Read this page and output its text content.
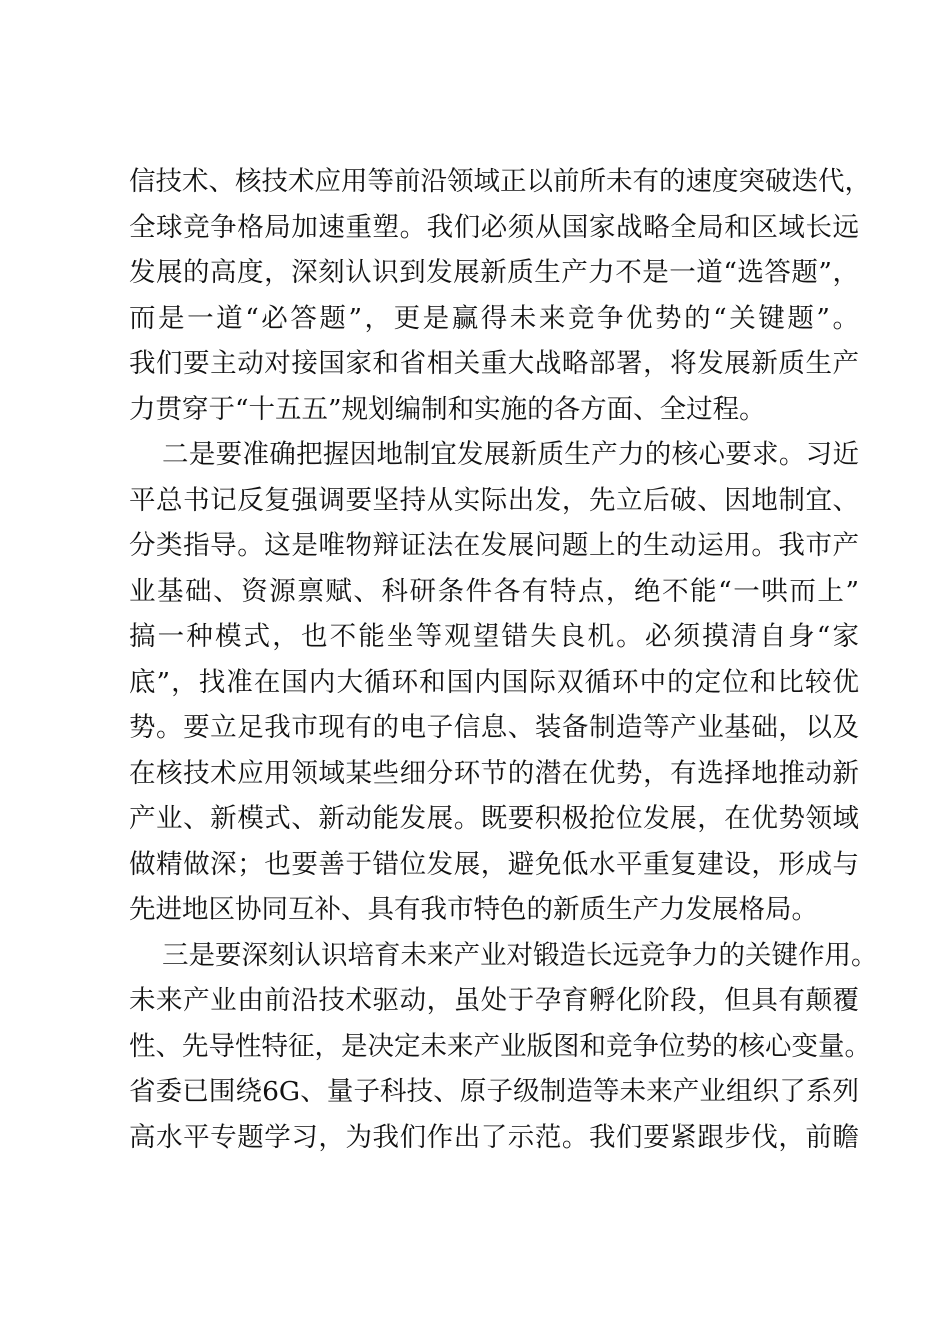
信技术、核技术应用等前沿领域正以前所未有的速度突破迭代，
全球竞争格局加速重塑。我们必须从国家战略全局和区域长远
发展的高度，深刻认识到发展新质生产力不是一道“选答题”，
而是一道“必答题”，更是赢得未来竞争优势的“关键题”。
我们要主动对接国家和省相关重大战略部署，将发展新质生产
力贯穿于“十五五”规划编制和实施的各方面、全过程。
二是要准确把握因地制宜发展新质生产力的核心要求。习近
平总书记反复强调要坚持从实际出发，先立后破、因地制宜、
分类指导。这是唯物辩证法在发展问题上的生动运用。我市产
业基础、资源禀赋、科研条件各有特点，绝不能“一哄而上”
搞一种模式，也不能坐等观望错失良机。必须摸清自身“家
底”，找准在国内大循环和国内国际双循环中的定位和比较优
势。要立足我市现有的电子信息、装备制造等产业基础，以及
在核技术应用领域某些细分环节的潜在优势，有选择地推动新
产业、新模式、新动能发展。既要积极抢位发展，在优势领域
做精做深；也要善于错位发展，避免低水平重复建设，形成与
先进地区协同互补、具有我市特色的新质生产力发展格局。
三是要深刻认识培育未来产业对锻造长远竞争力的关键作用。
未来产业由前沿技术驱动，虽处于孕育孵化阶段，但具有颠覆
性、先导性特征，是决定未来产业版图和竞争位势的核心变量。
省委已围绕6G、量子科技、原子级制造等未来产业组织了系列
高水平专题学习，为我们作出了示范。我们要紧跟步伐，前瞻
